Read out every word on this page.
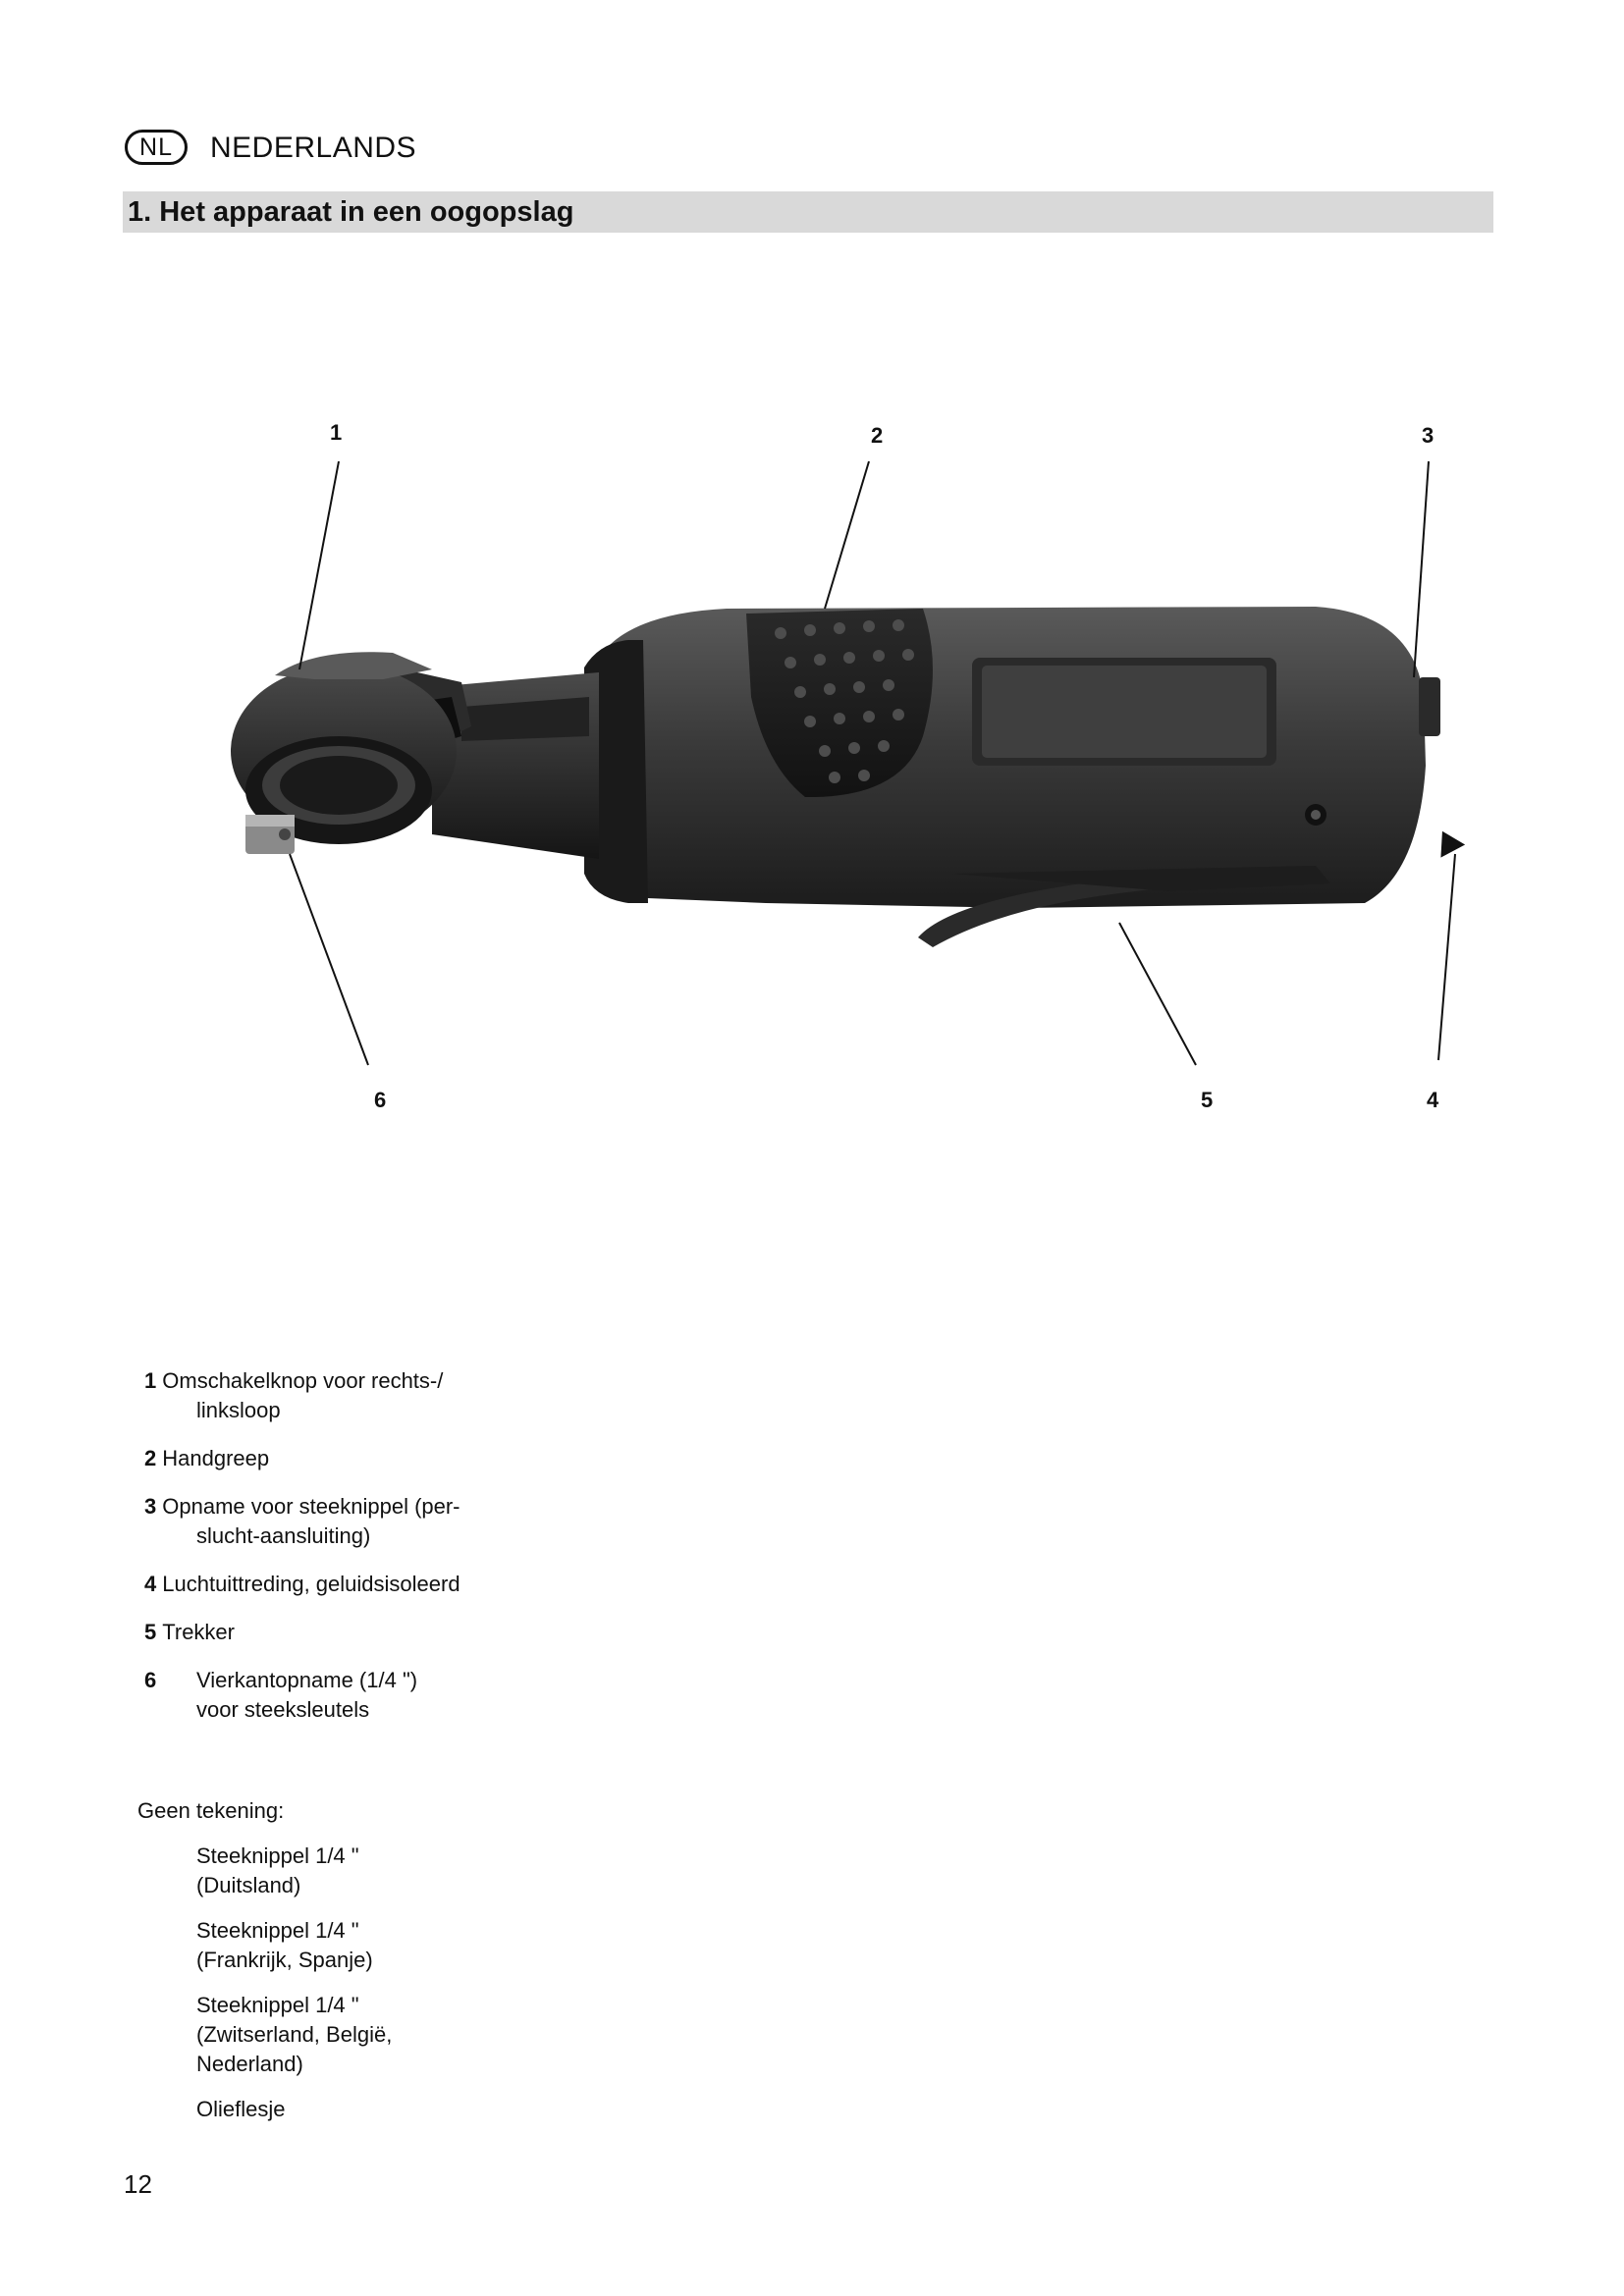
NL NEDERLANDS
1. Het apparaat in een oogopslag
1	2	3
4
5
6
1 Omschakelknop voor rechts-/
linksloop
2 Handgreep
3 Opname voor steeknippel (per-
slucht-aansluiting)
4 Luchtuittreding, geluidsisoleerd
5 Trekker
6 Vierkantopname (1/4 ")
voor steeksleutels
Geen tekening:
Steeknippel 1/4 "
(Duitsland)
Steeknippel 1/4 "
(Frankrijk, Spanje)
Steeknippel 1/4 "
(Zwitserland, België,
Nederland)
Olieflesje
12
